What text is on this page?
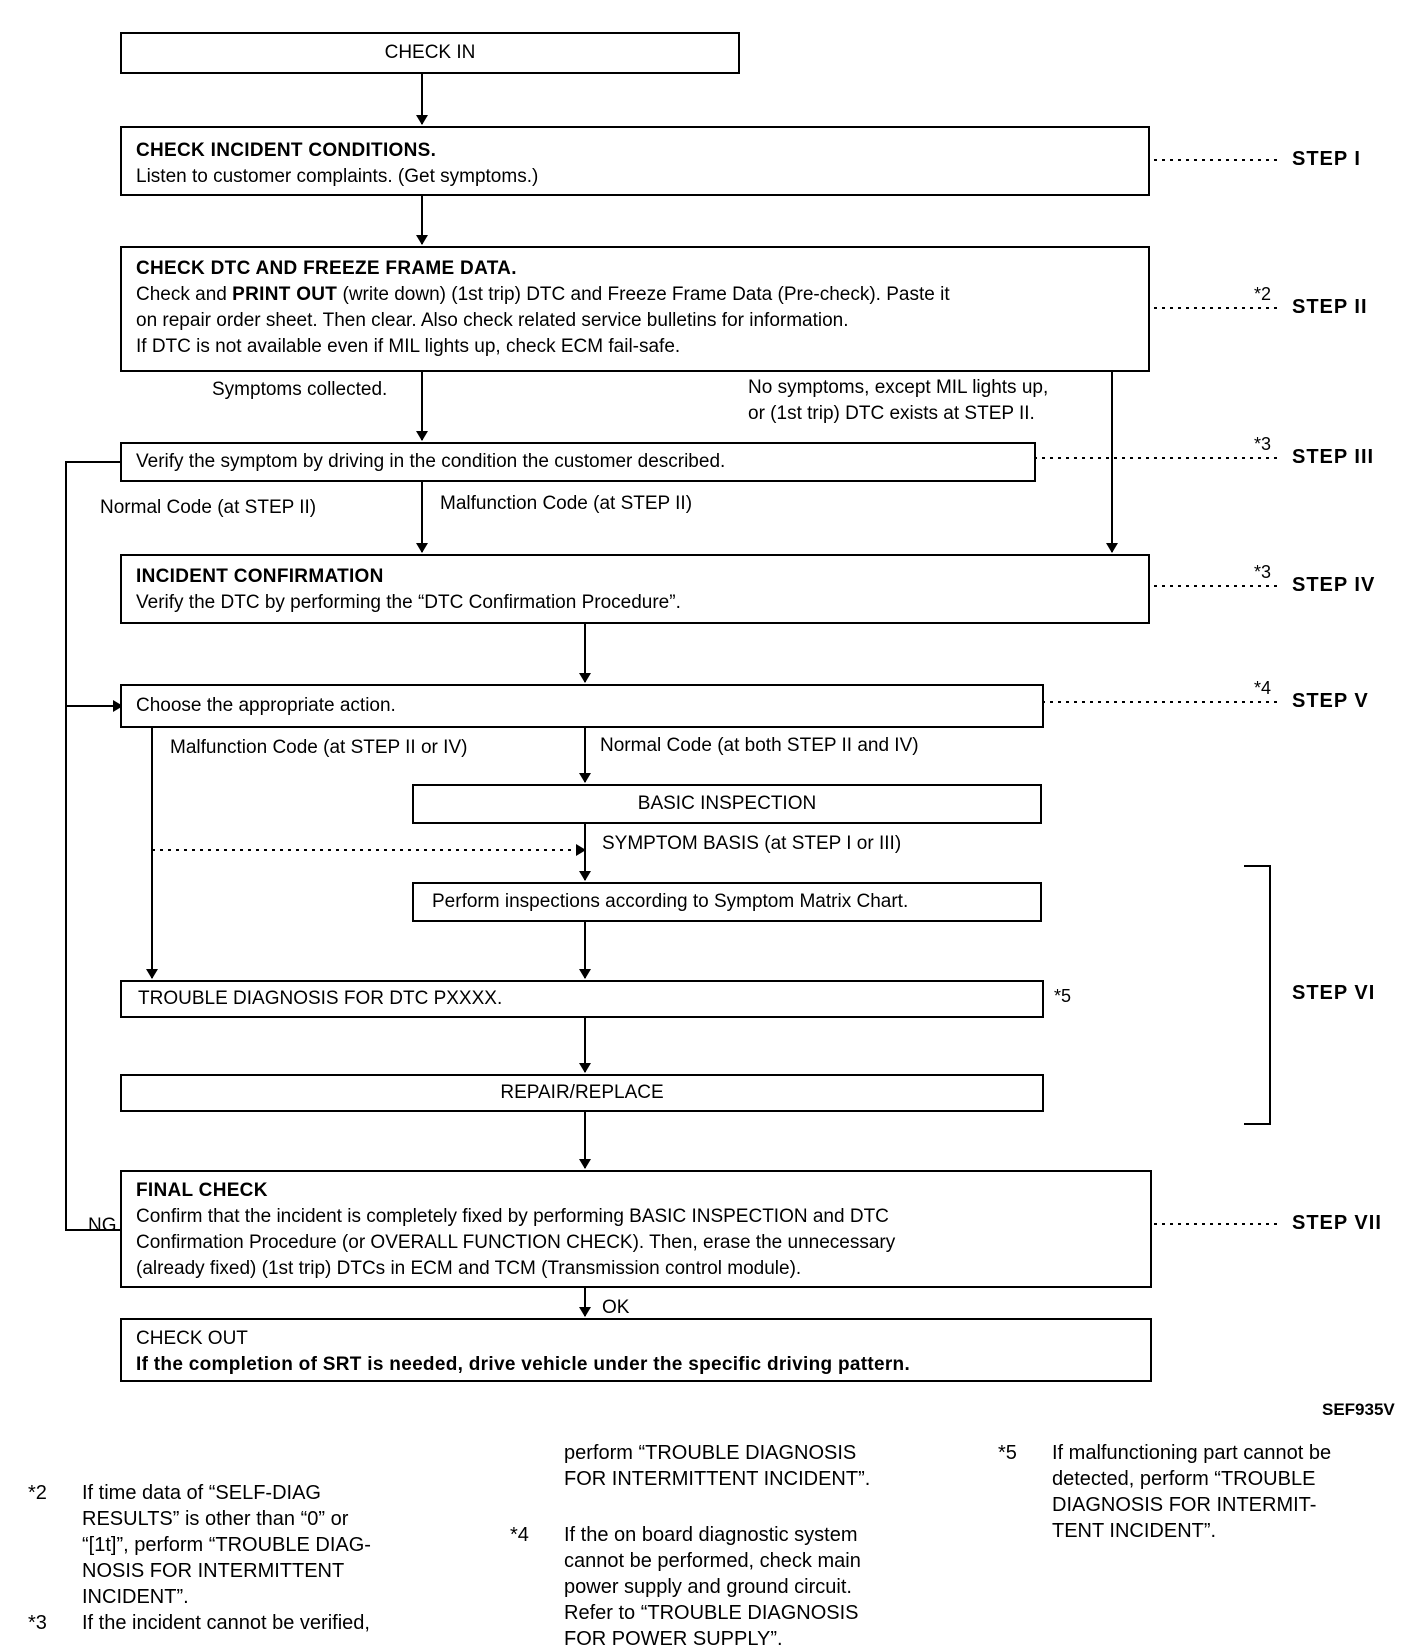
CHECK IN
CHECK INCIDENT CONDITIONS.
Listen to customer complaints. (Get symptoms.)
CHECK DTC AND FREEZE FRAME DATA.
Check and PRINT OUT (write down) (1st trip) DTC and Freeze Frame Data (Pre-check). Paste it
on repair order sheet. Then clear. Also check related service bulletins for information.
If DTC is not available even if MIL lights up, check ECM fail-safe.
Verify the symptom by driving in the condition the customer described.
INCIDENT CONFIRMATION
Verify the DTC by performing the “DTC Confirmation Procedure”.
Choose the appropriate action.
BASIC INSPECTION
Perform inspections according to Symptom Matrix Chart.
TROUBLE DIAGNOSIS FOR DTC PXXXX.
REPAIR/REPLACE
FINAL CHECK
Confirm that the incident is completely fixed by performing BASIC INSPECTION and DTC
Confirmation Procedure (or OVERALL FUNCTION CHECK). Then, erase the unnecessary
(already fixed) (1st trip) DTCs in ECM and TCM (Transmission control module).
CHECK OUT
If the completion of SRT is needed, drive vehicle under the specific driving pattern.
Symptoms collected.	No symptoms, except MIL lights up,
or (1st trip) DTC exists at STEP II.
Normal Code (at STEP II)	Malfunction Code (at STEP II)
Malfunction Code (at STEP II or IV)	Normal Code (at both STEP II and IV)
SYMPTOM BASIS (at STEP I or III)
NG
OK
STEP I
STEP II
STEP III
STEP IV
STEP V
STEP VI
STEP VII
*2
*3
*3
*4
*5
SEF935V
*2 If time data of “SELF-DIAG
RESULTS” is other than “0” or
“[1t]”, perform “TROUBLE DIAG-
NOSIS FOR INTERMITTENT
INCIDENT”.
*3 If the incident cannot be verified,
perform “TROUBLE DIAGNOSIS
FOR INTERMITTENT INCIDENT”.
*4 If the on board diagnostic system
cannot be performed, check main
power supply and ground circuit.
Refer to “TROUBLE DIAGNOSIS
FOR POWER SUPPLY”.
*5 If malfunctioning part cannot be
detected, perform “TROUBLE
DIAGNOSIS FOR INTERMIT-
TENT INCIDENT”.
